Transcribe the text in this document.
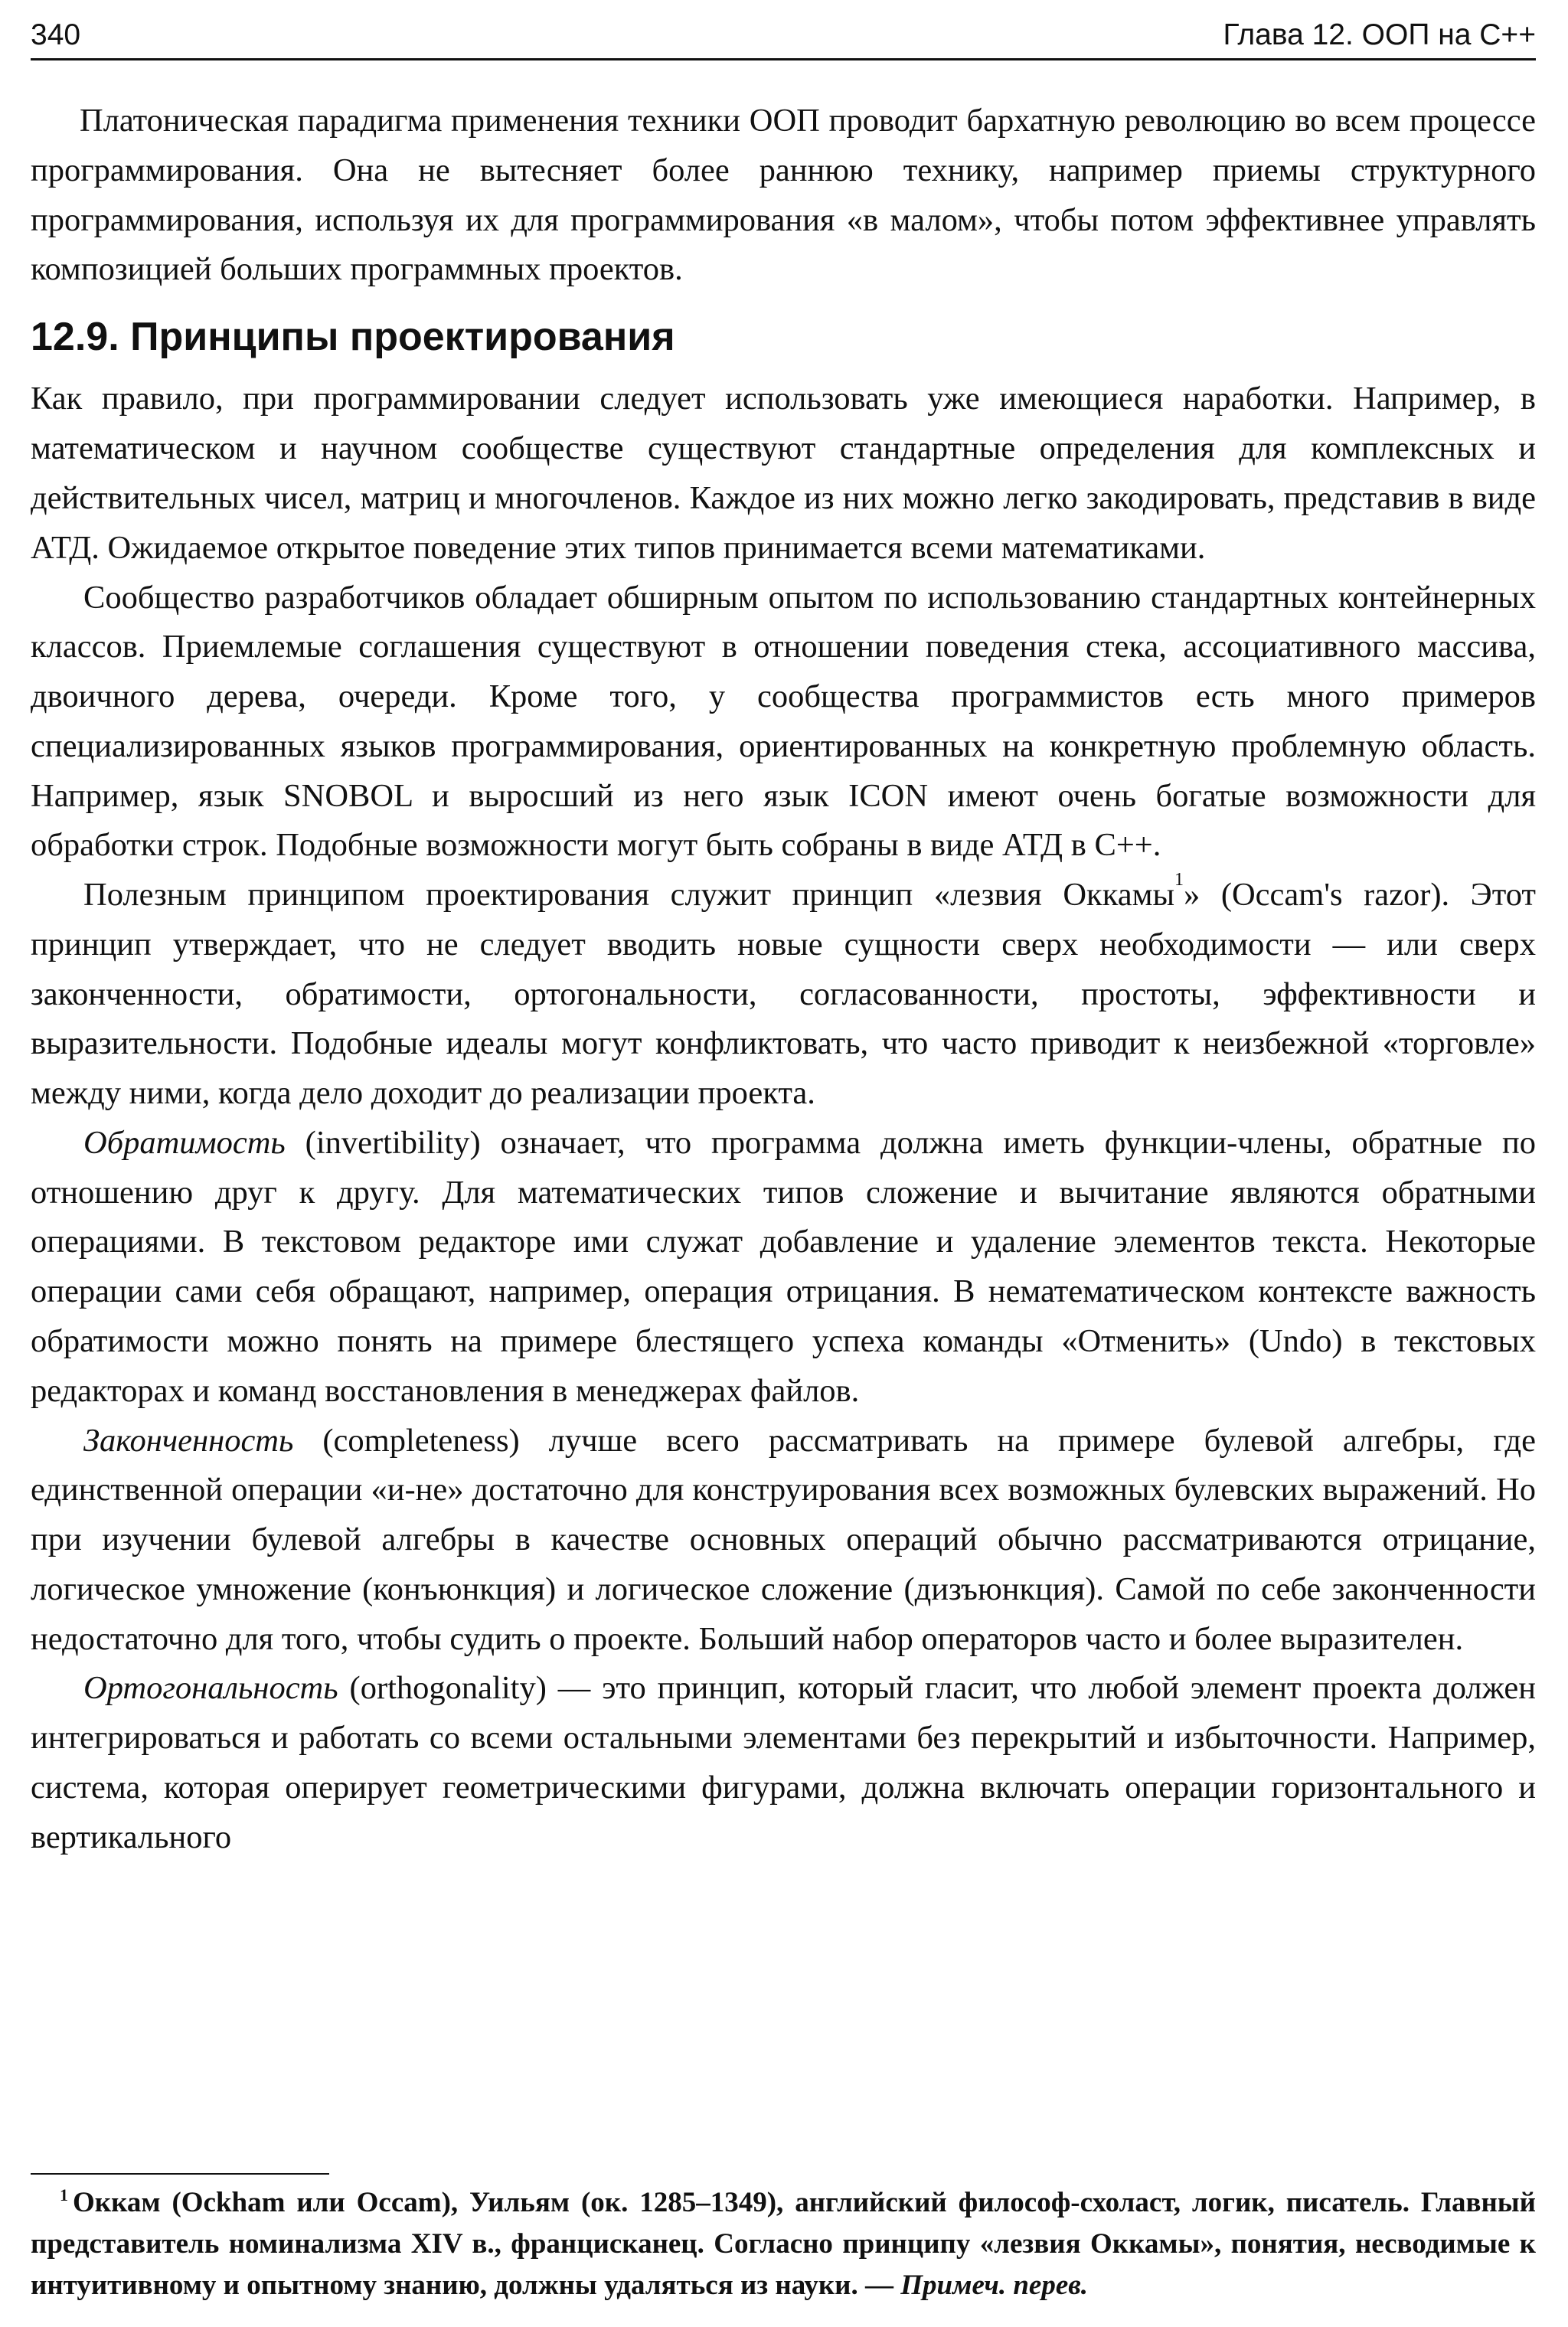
340	Глава 12. ООП на С++

Платоническая парадигма применения техники ООП проводит бархатную революцию во всем процессе программирования. Она не вытесняет более раннюю технику, например приемы структурного программирования, используя их для программирования «в малом», чтобы потом эффективнее управлять композицией больших программных проектов.

12.9. Принципы проектирования

Как правило, при программировании следует использовать уже имеющиеся наработки. Например, в математическом и научном сообществе существуют стандартные определения для комплексных и действительных чисел, матриц и многочленов. Каждое из них можно легко закодировать, представив в виде АТД. Ожидаемое открытое поведение этих типов принимается всеми математиками.

Сообщество разработчиков обладает обширным опытом по использованию стандартных контейнерных классов. Приемлемые соглашения существуют в отношении поведения стека, ассоциативного массива, двоичного дерева, очереди. Кроме того, у сообщества программистов есть много примеров специализированных языков программирования, ориентированных на конкретную проблемную область. Например, язык SNOBOL и выросший из него язык ICON имеют очень богатые возможности для обработки строк. Подобные возможности могут быть собраны в виде АТД в С++.

Полезным принципом проектирования служит принцип «лезвия Оккамы$^1$» (Occam's razor). Этот принцип утверждает, что не следует вводить новые сущности сверх необходимости — или сверх законченности, обратимости, ортогональности, согласованности, простоты, эффективности и выразительности. Подобные идеалы могут конфликтовать, что часто приводит к неизбежной «торговле» между ними, когда дело доходит до реализации проекта.

Обратимость (invertibility) означает, что программа должна иметь функции-члены, обратные по отношению друг к другу. Для математических типов сложение и вычитание являются обратными операциями. В текстовом редакторе ими служат добавление и удаление элементов текста. Некоторые операции сами себя обращают, например, операция отрицания. В нематематическом контексте важность обратимости можно понять на примере блестящего успеха команды «Отменить» (Undo) в текстовых редакторах и команд восстановления в менеджерах файлов.

Законченность (completeness) лучше всего рассматривать на примере булевой алгебры, где единственной операции «и-не» достаточно для конструирования всех возможных булевских выражений. Но при изучении булевой алгебры в качестве основных операций обычно рассматриваются отрицание, логическое умножение (конъюнкция) и логическое сложение (дизъюнкция). Самой по себе законченности недостаточно для того, чтобы судить о проекте. Больший набор операторов часто и более выразителен.

Ортогональность (orthogonality) — это принцип, который гласит, что любой элемент проекта должен интегрироваться и работать со всеми остальными элементами без перекрытий и избыточности. Например, система, которая оперирует геометрическими фигурами, должна включать операции горизонтального и вертикального

$^1$ Оккам (Ockham или Occam), Уильям (ок. 1285–1349), английский философ-схоласт, логик, писатель. Главный представитель номинализма XIV в., францисканец. Согласно принципу «лезвия Оккамы», понятия, несводимые к интуитивному и опытному знанию, должны удаляться из науки. — Примеч. перев.
